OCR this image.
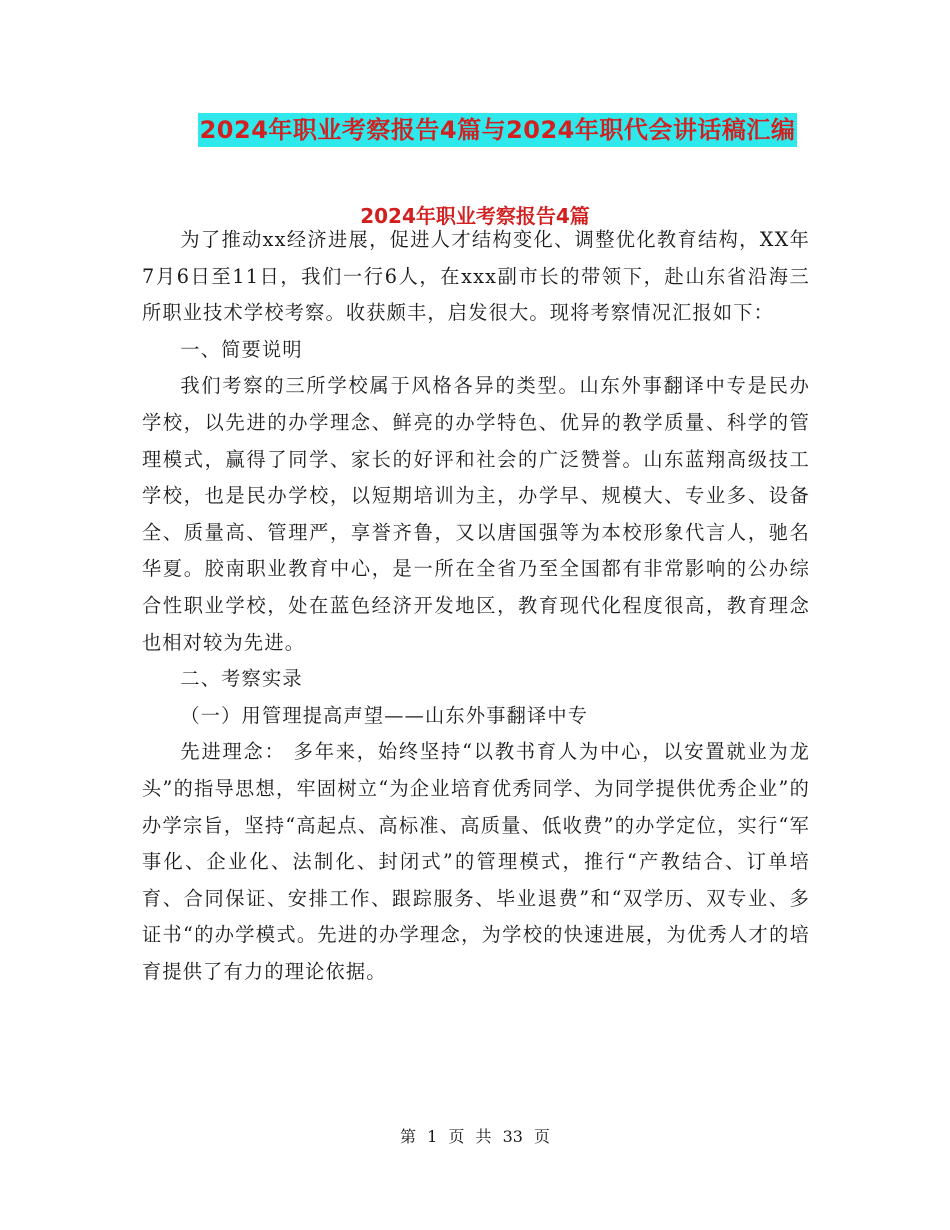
2024年职业考察报告4篇与2024年职代会讲话稿汇编
2024年职业考察报告4篇

为了推动xx经济进展，促进人才结构变化、调整优化教育结构，XX年7月6日至11日，我们一行6人，在xxx副市长的带领下，赴山东省沿海三所职业技术学校考察。收获颇丰，启发很大。现将考察情况汇报如下：

一、简要说明

我们考察的三所学校属于风格各异的类型。山东外事翻译中专是民办学校，以先进的办学理念、鲜亮的办学特色、优异的教学质量、科学的管理模式，赢得了同学、家长的好评和社会的广泛赞誉。山东蓝翔高级技工学校，也是民办学校，以短期培训为主，办学早、规模大、专业多、设备全、质量高、管理严，享誉齐鲁，又以唐国强等为本校形象代言人，驰名华夏。胶南职业教育中心，是一所在全省乃至全国都有非常影响的公办综合性职业学校，处在蓝色经济开发地区，教育现代化程度很高，教育理念也相对较为先进。

二、考察实录

（一）用管理提高声望——山东外事翻译中专

先进理念： 多年来，始终坚持“以教书育人为中心，以安置就业为龙头”的指导思想，牢固树立“为企业培育优秀同学、为同学提供优秀企业”的办学宗旨，坚持“高起点、高标准、高质量、低收费”的办学定位，实行“军事化、企业化、法制化、封闭式”的管理模式，推行“产教结合、订单培育、合同保证、安排工作、跟踪服务、毕业退费”和“双学历、双专业、多证书“的办学模式。先进的办学理念，为学校的快速进展，为优秀人才的培育提供了有力的理论依据。

第 1 页 共 33 页
